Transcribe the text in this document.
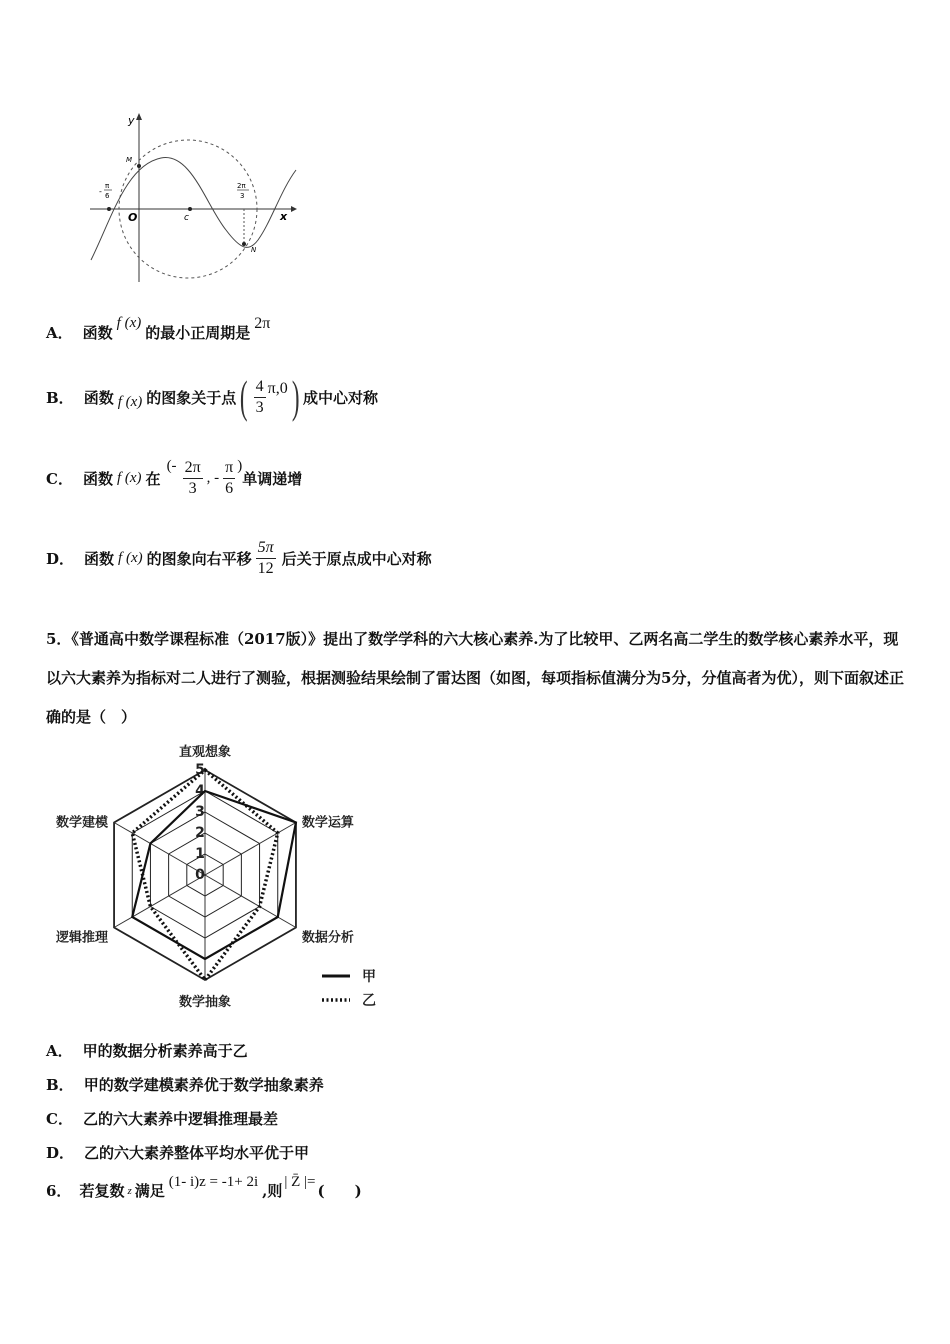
y
x
O
M
c
N
-
π
6
2π
3
A． 函数
f (x)
的最小正周期是
2π
B． 函数 f (x) 的图象关于点 ( $\frac{4}{3} \pi,0$ ) 成中心对称
C． 函数 f (x) 在
(- $\frac{2\pi}{3}$ , - $\frac{\pi}{6}$ )
单调递增
D． 函数 f (x) 的图象向右平移 $\frac{5\pi}{12}$ 后关于原点成中心对称
5．《普通高中数学课程标准（2017版）》提出了数学学科的六大核心素养.为了比较甲、乙两名高二学生的数学核心素养水平，现以六大素养为指标对二人进行了测验，根据测验结果绘制了雷达图（如图，每项指标值满分为5分，分值高者为优），则下面叙述正确的是（　）
0
1
2
3
4
5
直观想象
数学运算
数据分析
数学抽象
逻辑推理
数学建模
甲
乙
A． 甲的数据分析素养高于乙
B． 甲的数学建模素养优于数学抽象素养
C． 乙的六大素养中逻辑推理最差
D． 乙的六大素养整体平均水平优于甲
6． 若复数 z 满足 (1- i)z = -1+ 2i ,则 | Z̄ |= (　　)
